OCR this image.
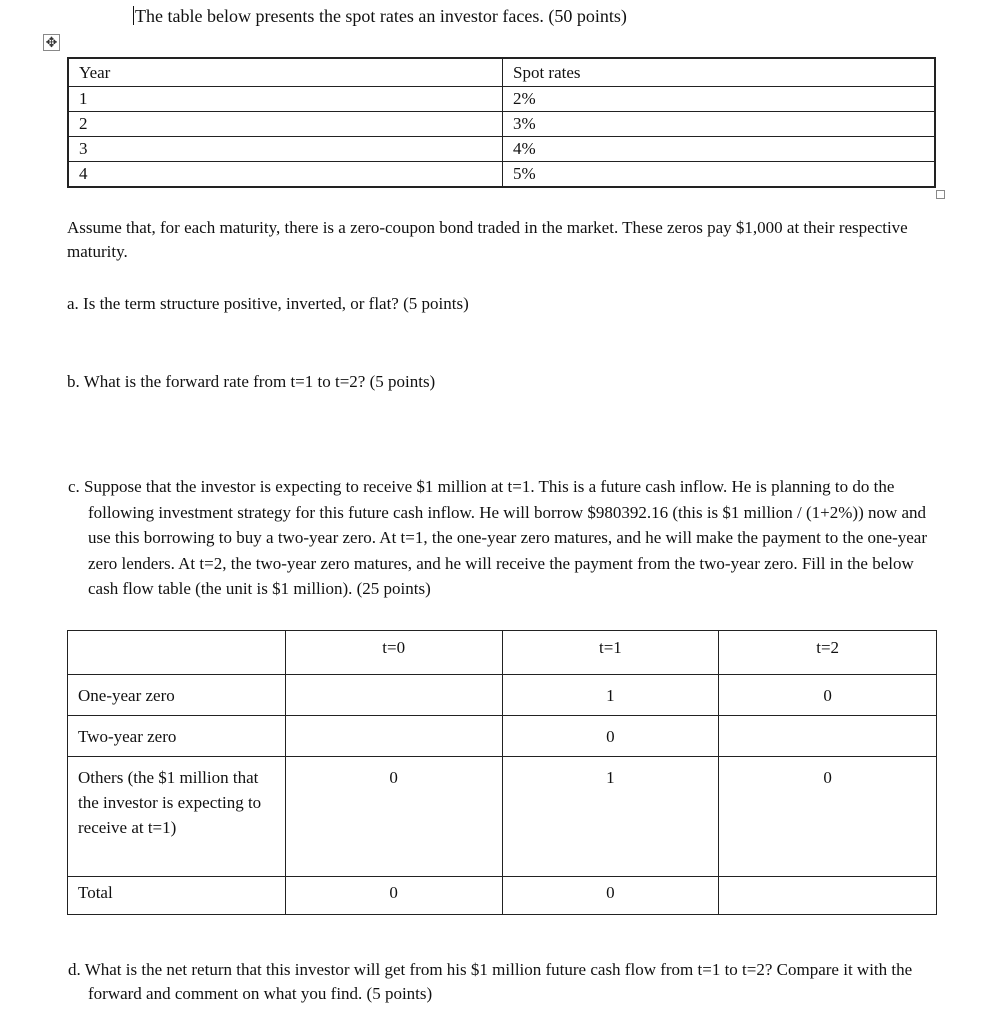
The table below presents the spot rates an investor faces. (50 points)
✥
Year	Spot rates
1	2%
2	3%
3	4%
4	5%
Assume that, for each maturity, there is a zero-coupon bond traded in the market. These zeros pay $1,000 at their respective maturity.
a. Is the term structure positive, inverted, or flat? (5 points)
b. What is the forward rate from t=1 to t=2? (5 points)
c. Suppose that the investor is expecting to receive $1 million at t=1. This is a future cash inflow. He is planning to do the following investment strategy for this future cash inflow. He will borrow $980392.16 (this is $1 million / (1+2%)) now and use this borrowing to buy a two-year zero. At t=1, the one-year zero matures, and he will make the payment to the one-year zero lenders. At t=2, the two-year zero matures, and he will receive the payment from the two-year zero. Fill in the below cash flow table (the unit is $1 million). (25 points)
	t=0	t=1	t=2
One-year zero		1	0
Two-year zero		0	
Others (the $1 million that the investor is expecting to receive at t=1)	0	1	0
Total	0	0	
d. What is the net return that this investor will get from his $1 million future cash flow from t=1 to t=2? Compare it with the forward and comment on what you find. (5 points)
